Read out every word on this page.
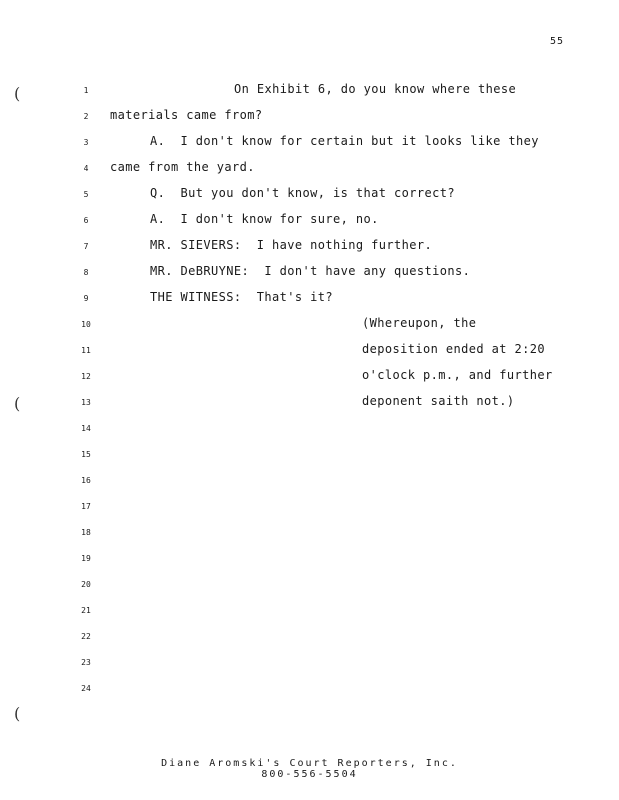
55
(
(
(
1
2
3
4
5
6
7
8
9
10
11
12
13
14
15
16
17
18
19
20
21
22
23
24
On Exhibit 6, do you know where these
materials came from?
A.  I don't know for certain but it looks like they
came from the yard.
Q.  But you don't know, is that correct?
A.  I don't know for sure, no.
MR. SIEVERS:  I have nothing further.
MR. DeBRUYNE:  I don't have any questions.
THE WITNESS:  That's it?
(Whereupon, the
deposition ended at 2:20
o'clock p.m., and further
deponent saith not.)
Diane Aromski's Court Reporters, Inc.
800-556-5504
